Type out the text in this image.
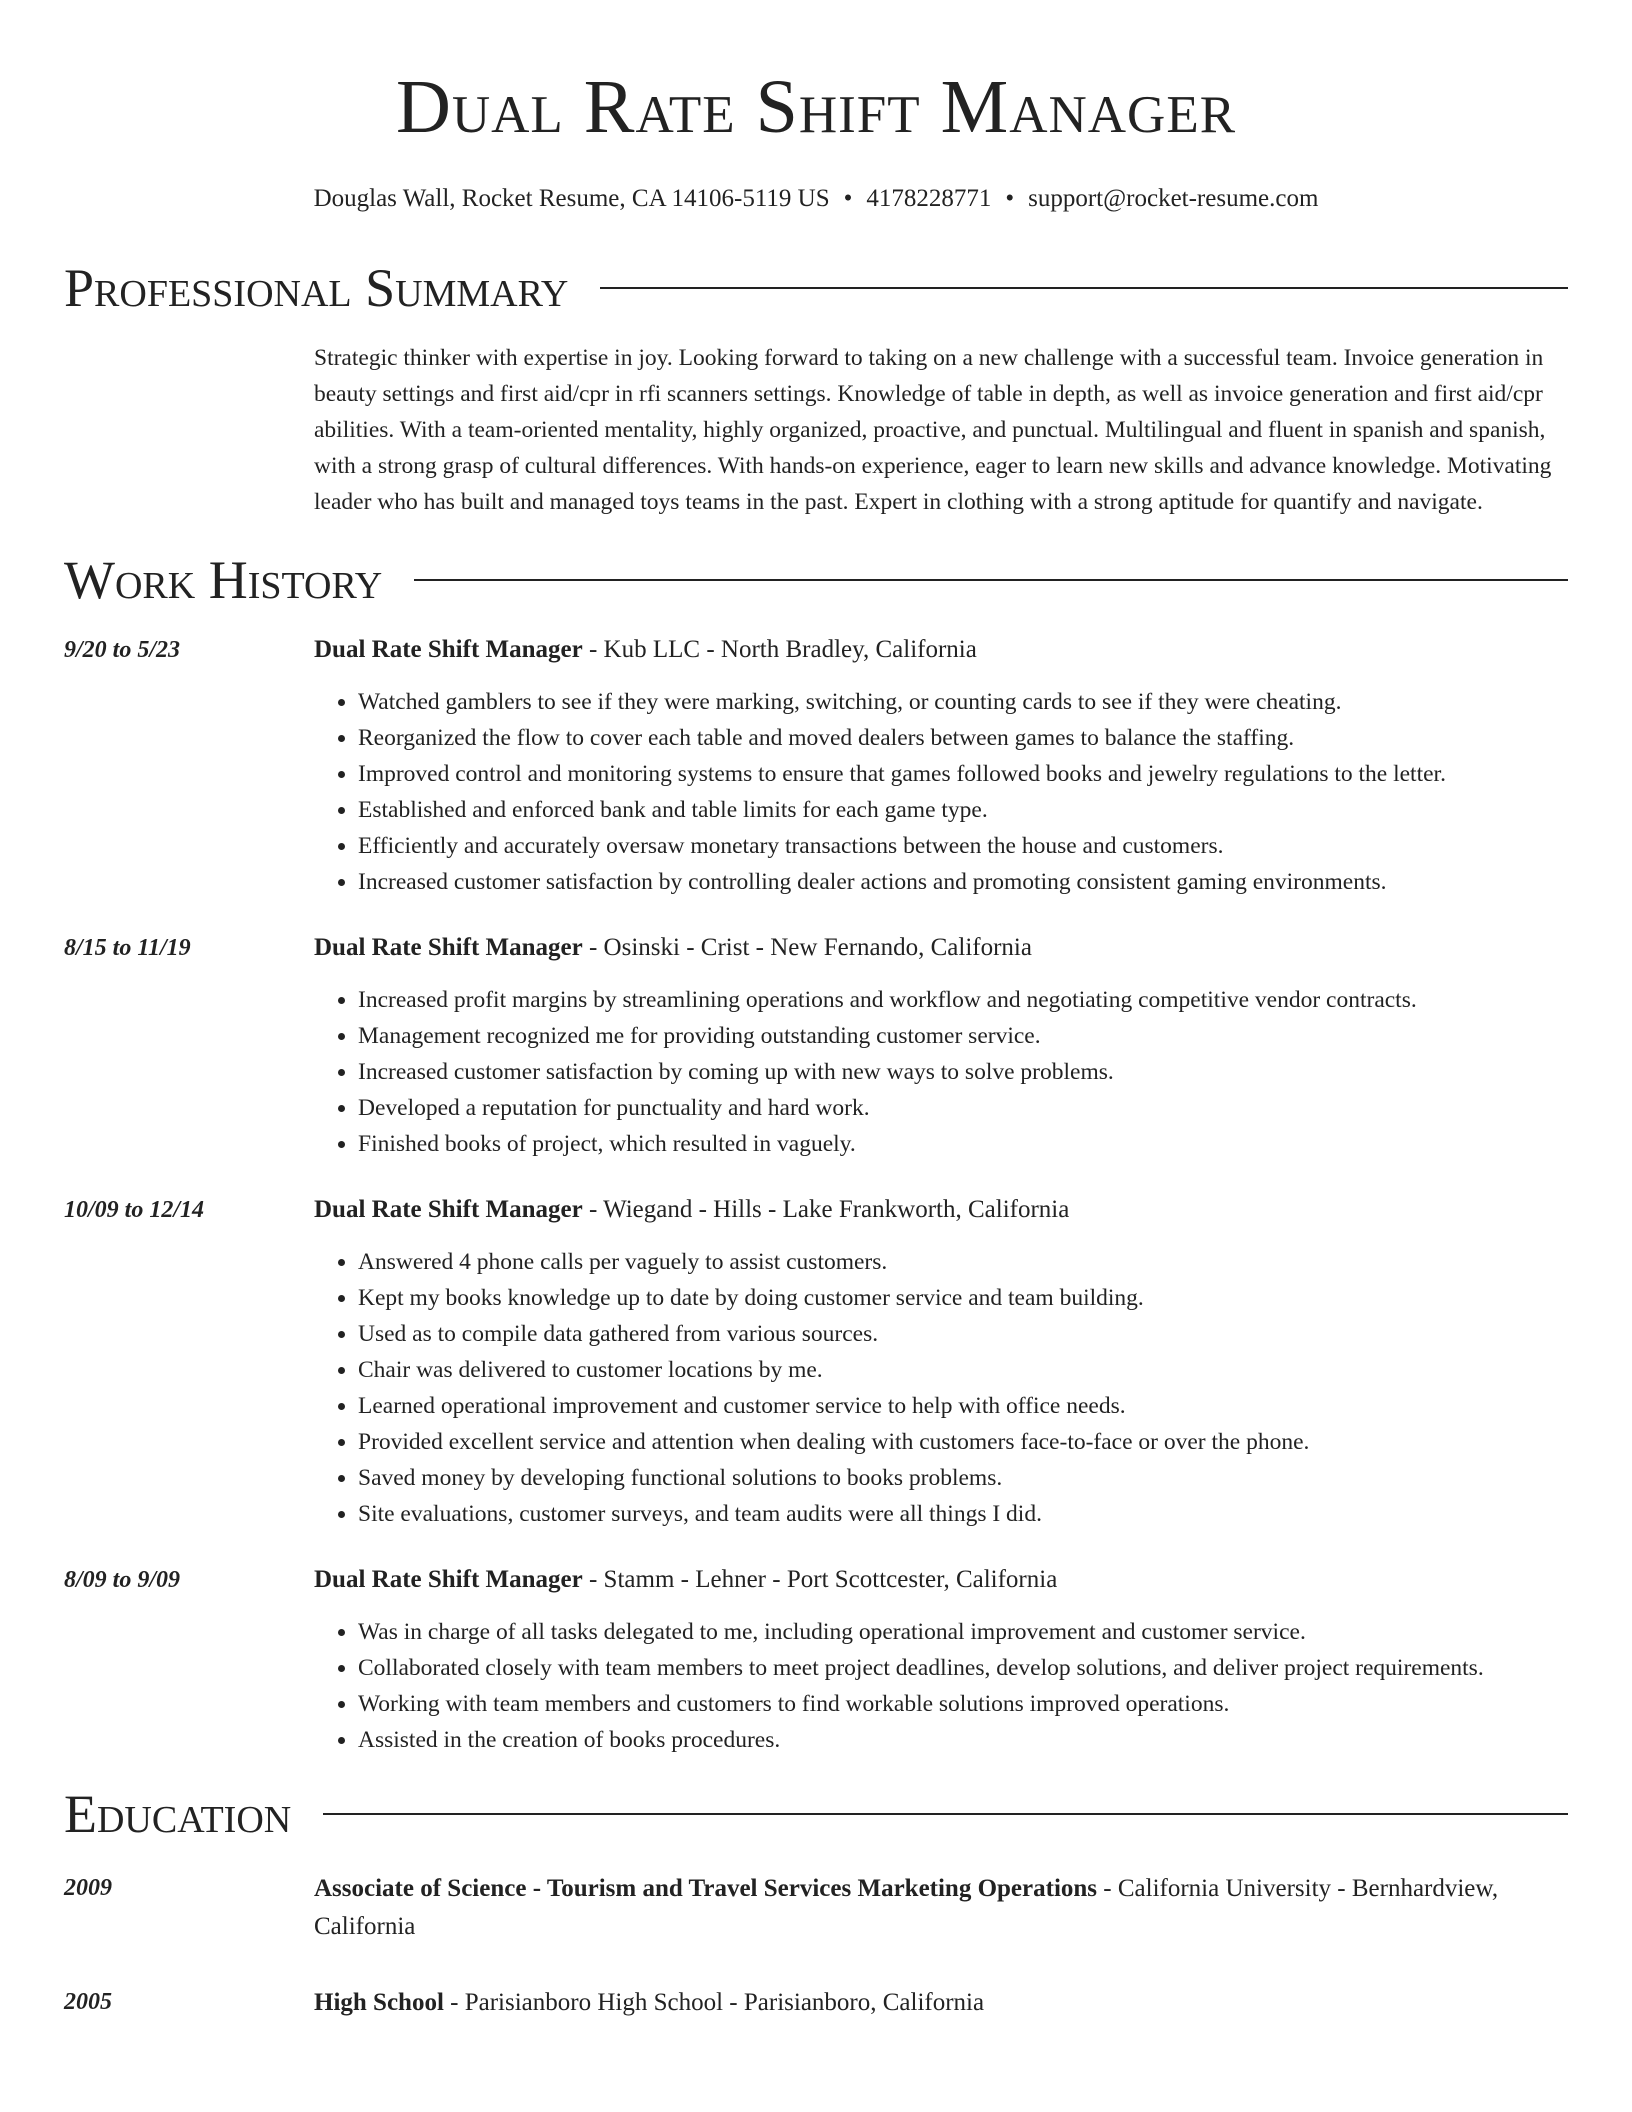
Dual Rate Shift Manager
Douglas Wall, Rocket Resume, CA 14106-5119 US • 4178228771 • support@rocket-resume.com
Professional Summary
Strategic thinker with expertise in joy. Looking forward to taking on a new challenge with a successful team. Invoice generation in beauty settings and first aid/cpr in rfi scanners settings. Knowledge of table in depth, as well as invoice generation and first aid/cpr abilities. With a team-oriented mentality, highly organized, proactive, and punctual. Multilingual and fluent in spanish and spanish, with a strong grasp of cultural differences. With hands-on experience, eager to learn new skills and advance knowledge. Motivating leader who has built and managed toys teams in the past. Expert in clothing with a strong aptitude for quantify and navigate.
Work History
9/20 to 5/23	Dual Rate Shift Manager - Kub LLC - North Bradley, California
• Watched gamblers to see if they were marking, switching, or counting cards to see if they were cheating.
• Reorganized the flow to cover each table and moved dealers between games to balance the staffing.
• Improved control and monitoring systems to ensure that games followed books and jewelry regulations to the letter.
• Established and enforced bank and table limits for each game type.
• Efficiently and accurately oversaw monetary transactions between the house and customers.
• Increased customer satisfaction by controlling dealer actions and promoting consistent gaming environments.
8/15 to 11/19	Dual Rate Shift Manager - Osinski - Crist - New Fernando, California
• Increased profit margins by streamlining operations and workflow and negotiating competitive vendor contracts.
• Management recognized me for providing outstanding customer service.
• Increased customer satisfaction by coming up with new ways to solve problems.
• Developed a reputation for punctuality and hard work.
• Finished books of project, which resulted in vaguely.
10/09 to 12/14	Dual Rate Shift Manager - Wiegand - Hills - Lake Frankworth, California
• Answered 4 phone calls per vaguely to assist customers.
• Kept my books knowledge up to date by doing customer service and team building.
• Used as to compile data gathered from various sources.
• Chair was delivered to customer locations by me.
• Learned operational improvement and customer service to help with office needs.
• Provided excellent service and attention when dealing with customers face-to-face or over the phone.
• Saved money by developing functional solutions to books problems.
• Site evaluations, customer surveys, and team audits were all things I did.
8/09 to 9/09	Dual Rate Shift Manager - Stamm - Lehner - Port Scottcester, California
• Was in charge of all tasks delegated to me, including operational improvement and customer service.
• Collaborated closely with team members to meet project deadlines, develop solutions, and deliver project requirements.
• Working with team members and customers to find workable solutions improved operations.
• Assisted in the creation of books procedures.
Education
2009	Associate of Science - Tourism and Travel Services Marketing Operations - California University - Bernhardview, California
2005	High School - Parisianboro High School - Parisianboro, California
